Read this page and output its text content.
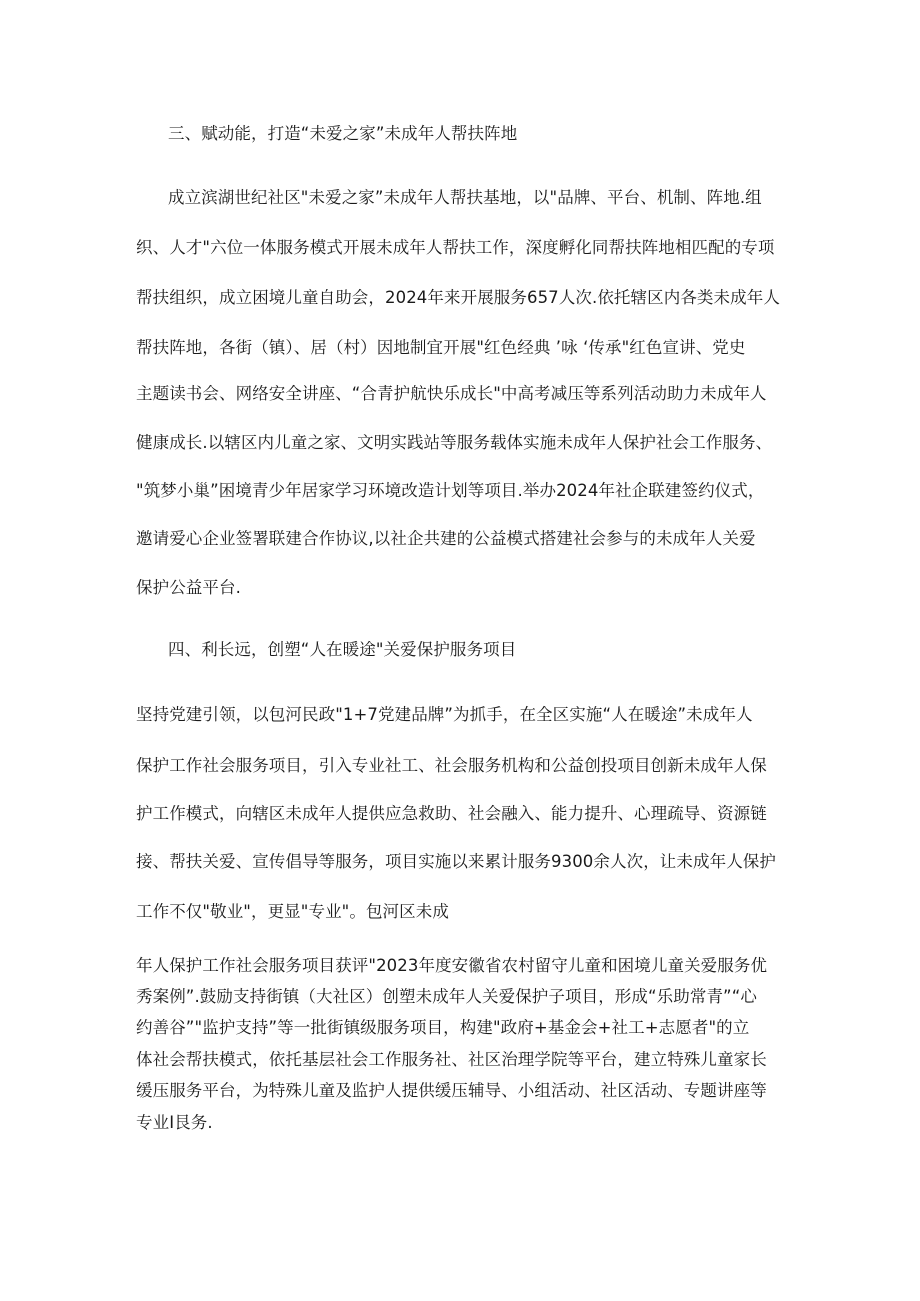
三、赋动能，打造“未爱之家”未成年人帮扶阵地
成立滨湖世纪社区"未爱之家”未成年人帮扶基地，以"品牌、平台、机制、阵地.组
织、人才"六位一体服务模式开展未成年人帮扶工作，深度孵化同帮扶阵地相匹配的专项
帮扶组织，成立困境儿童自助会，2024年来开展服务657人次.依托辖区内各类未成年人
帮扶阵地，各街（镇）、居（村）因地制宜开展"红色经典 ’咏 ‘传承"红色宣讲、党史
主题读书会、网络安全讲座、“合青护航快乐成长"中高考减压等系列活动助力未成年人
健康成长.以辖区内儿童之家、文明实践站等服务载体实施未成年人保护社会工作服务、
"筑梦小巢”困境青少年居家学习环境改造计划等项目.举办2024年社企联建签约仪式，
邀请爱心企业签署联建合作协议,以社企共建的公益模式搭建社会参与的未成年人关爱
保护公益平台.
四、利长远，创塑“人在暖途"关爱保护服务项目
坚持党建引领，以包河民政"1+7党建品牌”为抓手，在全区实施“人在暖途”未成年人
保护工作社会服务项目，引入专业社工、社会服务机构和公益创投项目创新未成年人保
护工作模式，向辖区未成年人提供应急救助、社会融入、能力提升、心理疏导、资源链
接、帮扶关爱、宣传倡导等服务，项目实施以来累计服务9300余人次，让未成年人保护
工作不仅"敬业"，更显"专业"。包河区未成
年人保护工作社会服务项目获评"2023年度安徽省农村留守儿童和困境儿童关爱服务优
秀案例”.鼓励支持街镇（大社区）创塑未成年人关爱保护子项目，形成“乐助常青”“心
约善谷”"监护支持”等一批街镇级服务项目，构建"政府+基金会+社工+志愿者"的立
体社会帮扶模式，依托基层社会工作服务社、社区治理学院等平台，建立特殊儿童家长
缓压服务平台，为特殊儿童及监护人提供缓压辅导、小组活动、社区活动、专题讲座等
专业I艮务.
